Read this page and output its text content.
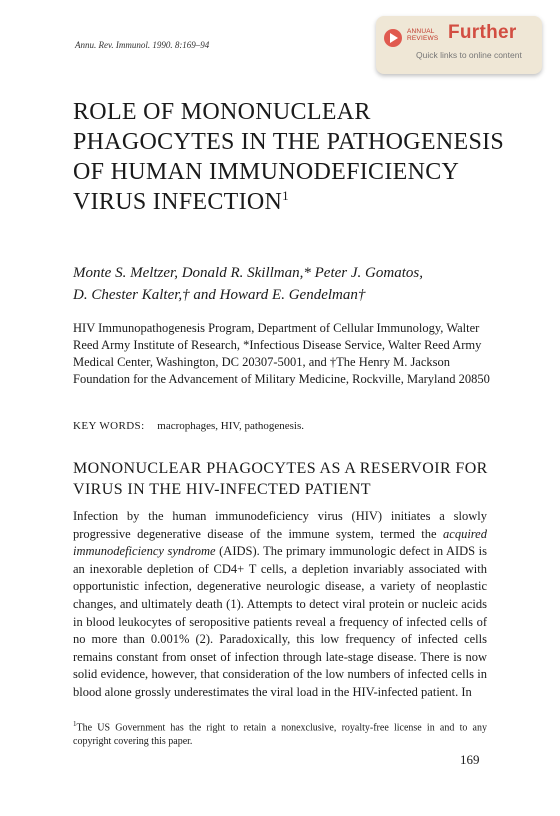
Annu. Rev. Immunol. 1990. 8:169–94
ANNUAL
REVIEWS Further
Quick links to online content
ROLE OF MONONUCLEAR PHAGOCYTES IN THE PATHOGENESIS OF HUMAN IMMUNODEFICIENCY VIRUS INFECTION$^1$
Monte S. Meltzer, Donald R. Skillman,* Peter J. Gomatos,
D. Chester Kalter,† and Howard E. Gendelman†
HIV Immunopathogenesis Program, Department of Cellular Immunology, Walter Reed Army Institute of Research, *Infectious Disease Service, Walter Reed Army Medical Center, Washington, DC 20307-5001, and †The Henry M. Jackson Foundation for the Advancement of Military Medicine, Rockville, Maryland 20850
KEY WORDS: macrophages, HIV, pathogenesis.
MONONUCLEAR PHAGOCYTES AS A RESERVOIR FOR VIRUS IN THE HIV-INFECTED PATIENT

Infection by the human immunodeficiency virus (HIV) initiates a slowly progressive degenerative disease of the immune system, termed the acquired immunodeficiency syndrome (AIDS). The primary immunologic defect in AIDS is an inexorable depletion of CD4+ T cells, a depletion invariably associated with opportunistic infection, degenerative neurologic disease, a variety of neoplastic changes, and ultimately death (1). Attempts to detect viral protein or nucleic acids in blood leukocytes of seropositive patients reveal a frequency of infected cells of no more than 0.001% (2). Paradoxically, this low frequency of infected cells remains constant from onset of infection through late-stage disease. There is now solid evidence, however, that consideration of the low numbers of infected cells in blood alone grossly underestimates the viral load in the HIV-infected patient. In

$^1$The US Government has the right to retain a nonexclusive, royalty-free license in and to any copyright covering this paper.
169
